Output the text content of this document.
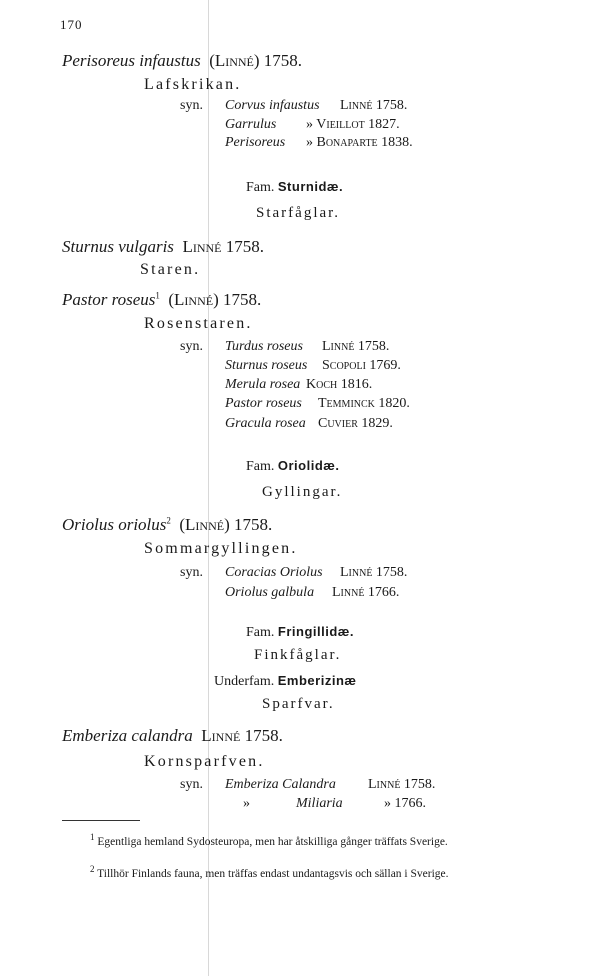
170
Perisoreus infaustus (Linné) 1758.
Lafskrikan.
syn. Corvus infaustus Linné 1758.
Garrulus » Vieillot 1827.
Perisoreus » Bonaparte 1838.
Fam. Sturnidæ.
Starfåglar.
Sturnus vulgaris Linné 1758.
Staren.
Pastor roseus$^1$ (Linné) 1758.
Rosenstaren.
syn. Turdus roseus Linné 1758.
Sturnus roseus Scopoli 1769.
Merula rosea Koch 1816.
Pastor roseus Temminck 1820.
Gracula rosea Cuvier 1829.
Fam. Oriolidæ.
Gyllingar.
Oriolus oriolus$^2$ (Linné) 1758.
Sommargyllingen.
syn. Coracias Oriolus Linné 1758.
Oriolus galbula Linné 1766.
Fam. Fringillidæ.
Finkfåglar.
Underfam. Emberizinæ
Sparfvar.
Emberiza calandra Linné 1758.
Kornsparfven.
syn. Emberiza Calandra Linné 1758.
»	Miliaria	» 1766.
$^1$ Egentliga hemland Sydosteuropa, men har åtskilliga gånger träffats Sverige.
$^2$ Tillhör Finlands fauna, men träffas endast undantagsvis och sällan i Sverige.
